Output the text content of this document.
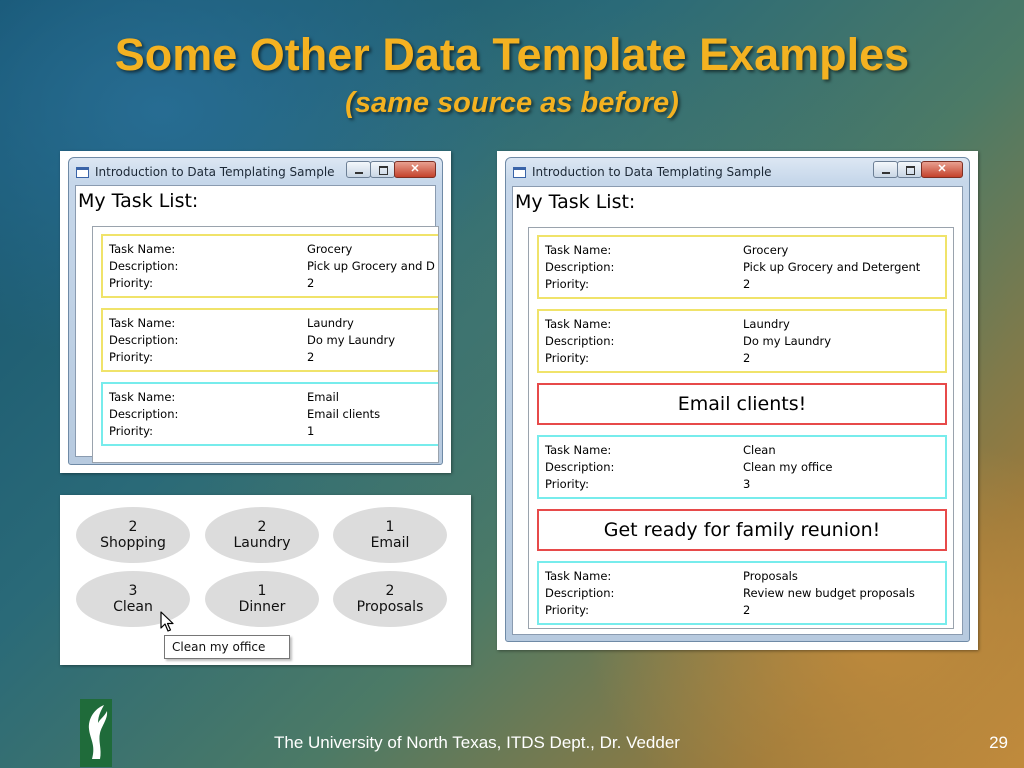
Some Other Data Template Examples
(same source as before)
Introduction to Data Templating Sample
✕
My Task List:
Task Name:	Grocery
Description:	Pick up Grocery and D
Priority:	2
Task Name:	Laundry
Description:	Do my Laundry
Priority:	2
Task Name:	Email
Description:	Email clients
Priority:	1
2
Shopping
2
Laundry
1
Email
3
Clean
1
Dinner
2
Proposals
Clean my office
Introduction to Data Templating Sample
✕
My Task List:
Task Name:	Grocery
Description:	Pick up Grocery and Detergent
Priority:	2
Task Name:	Laundry
Description:	Do my Laundry
Priority:	2
Email clients!
Task Name:	Clean
Description:	Clean my office
Priority:	3
Get ready for family reunion!
Task Name:	Proposals
Description:	Review new budget proposals
Priority:	2
The University of North Texas, ITDS Dept., Dr. Vedder	29
